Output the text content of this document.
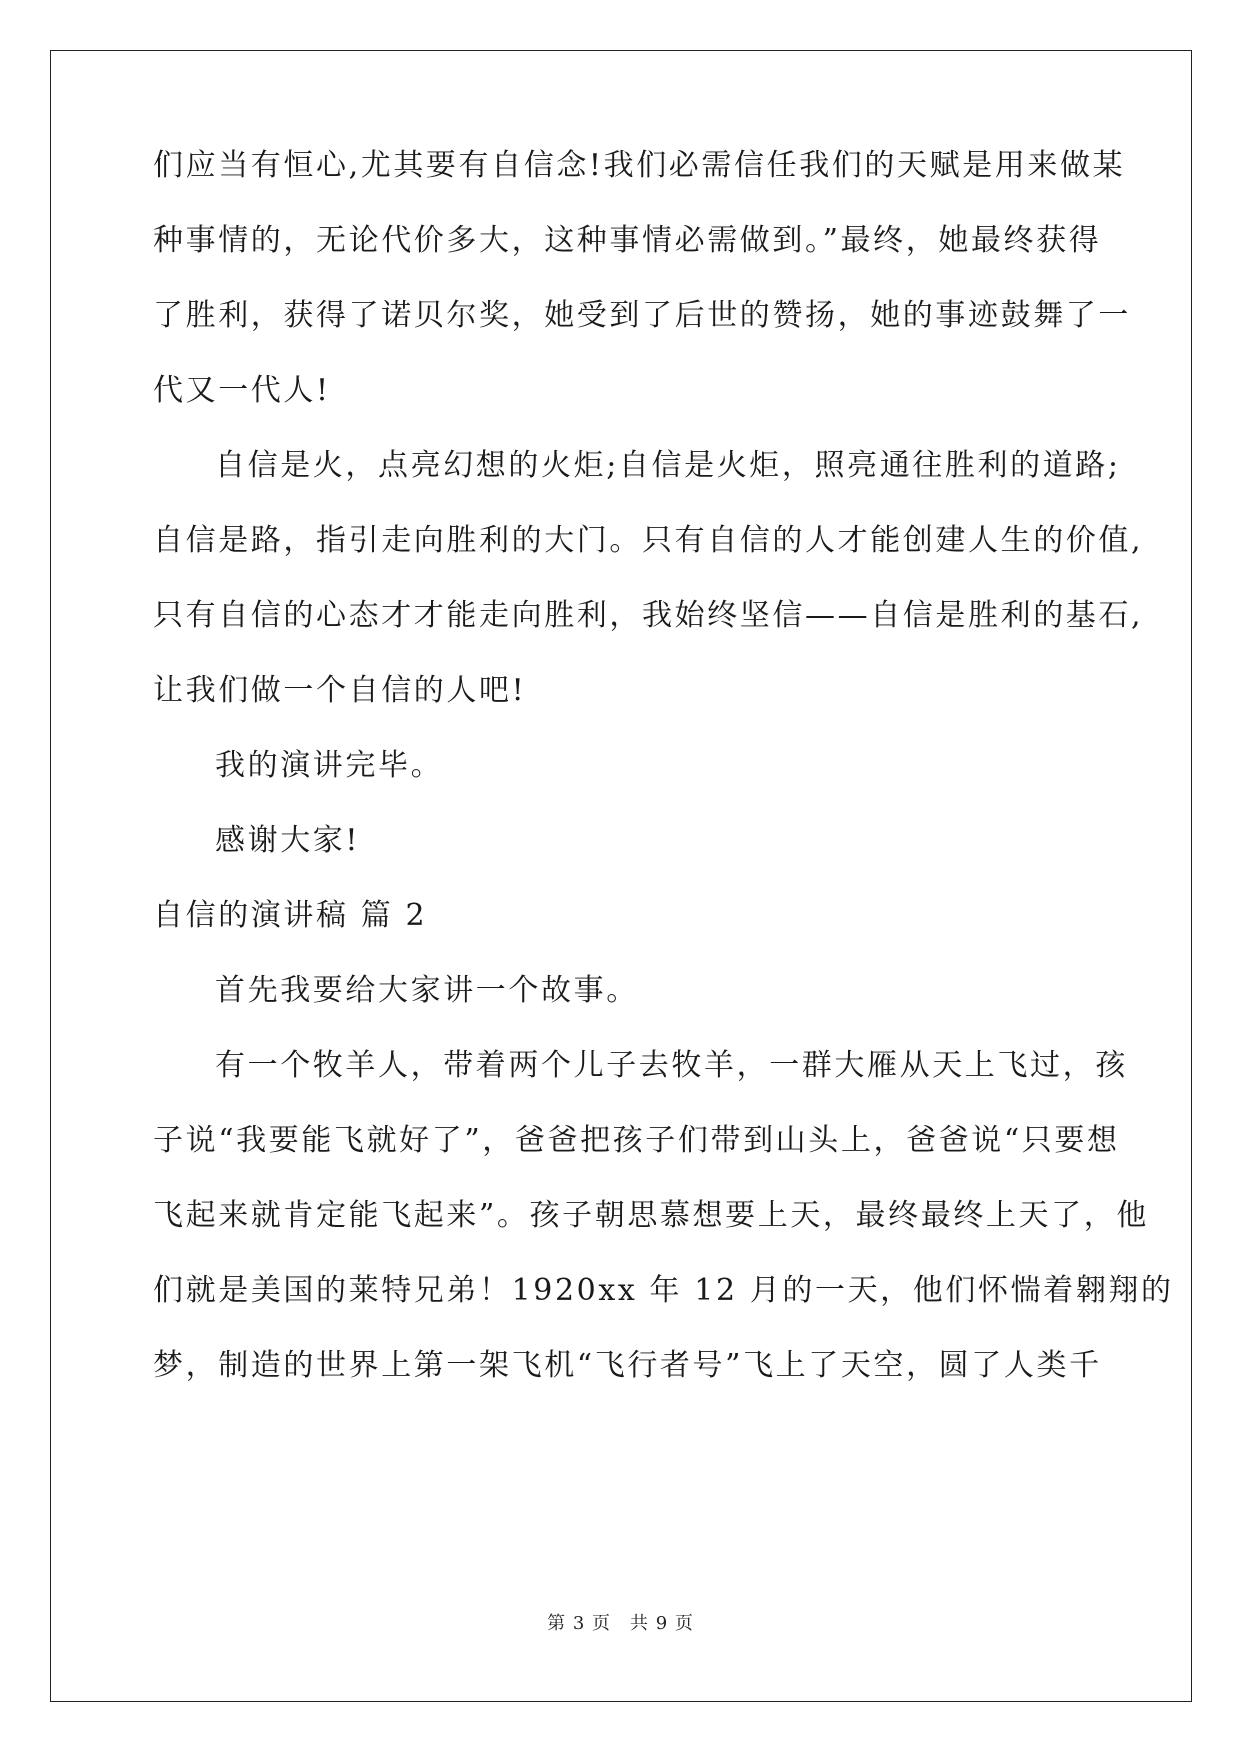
们应当有恒心,尤其要有自信念!我们必需信任我们的天赋是用来做某
种事情的，无论代价多大，这种事情必需做到。”最终，她最终获得
了胜利，获得了诺贝尔奖，她受到了后世的赞扬，她的事迹鼓舞了一
代又一代人!
自信是火，点亮幻想的火炬;自信是火炬，照亮通往胜利的道路;
自信是路，指引走向胜利的大门。只有自信的人才能创建人生的价值,
只有自信的心态才才能走向胜利，我始终坚信——自信是胜利的基石,
让我们做一个自信的人吧!
我的演讲完毕。
感谢大家!
自信的演讲稿 篇 2
首先我要给大家讲一个故事。
有一个牧羊人，带着两个儿子去牧羊，一群大雁从天上飞过，孩
子说“我要能飞就好了”，爸爸把孩子们带到山头上，爸爸说“只要想
飞起来就肯定能飞起来”。孩子朝思慕想要上天，最终最终上天了，他
们就是美国的莱特兄弟！1920xx 年 12 月的一天，他们怀惴着翱翔的
梦，制造的世界上第一架飞机“飞行者号”飞上了天空，圆了人类千
第 3 页　共 9 页
